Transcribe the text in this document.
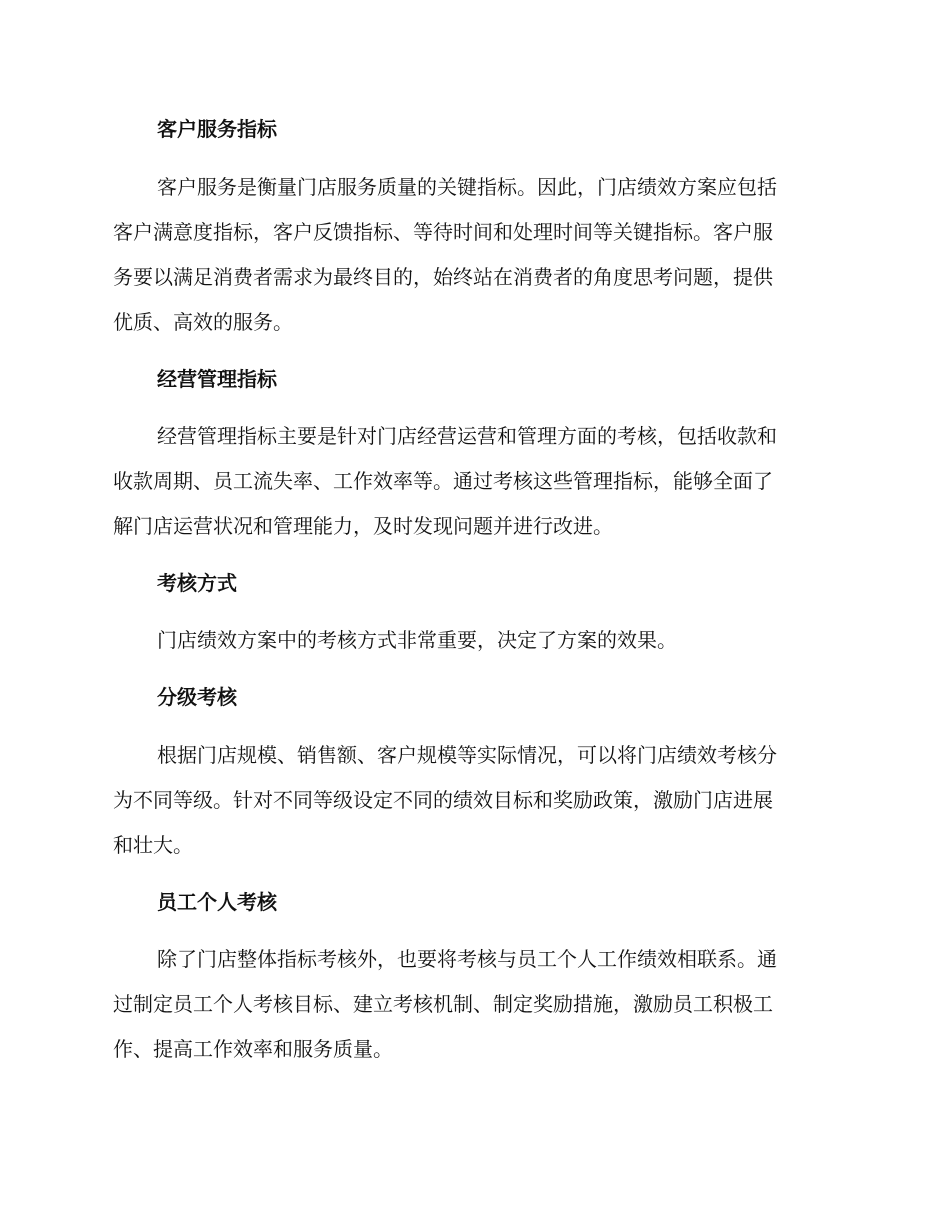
客户服务指标
客户服务是衡量门店服务质量的关键指标。因此，门店绩效方案应包括
客户满意度指标，客户反馈指标、等待时间和处理时间等关键指标。客户服
务要以满足消费者需求为最终目的，始终站在消费者的角度思考问题，提供
优质、高效的服务。
经营管理指标
经营管理指标主要是针对门店经营运营和管理方面的考核，包括收款和
收款周期、员工流失率、工作效率等。通过考核这些管理指标，能够全面了
解门店运营状况和管理能力，及时发现问题并进行改进。
考核方式
门店绩效方案中的考核方式非常重要，决定了方案的效果。
分级考核
根据门店规模、销售额、客户规模等实际情况，可以将门店绩效考核分
为不同等级。针对不同等级设定不同的绩效目标和奖励政策，激励门店进展
和壮大。
员工个人考核
除了门店整体指标考核外，也要将考核与员工个人工作绩效相联系。通
过制定员工个人考核目标、建立考核机制、制定奖励措施，激励员工积极工
作、提高工作效率和服务质量。
